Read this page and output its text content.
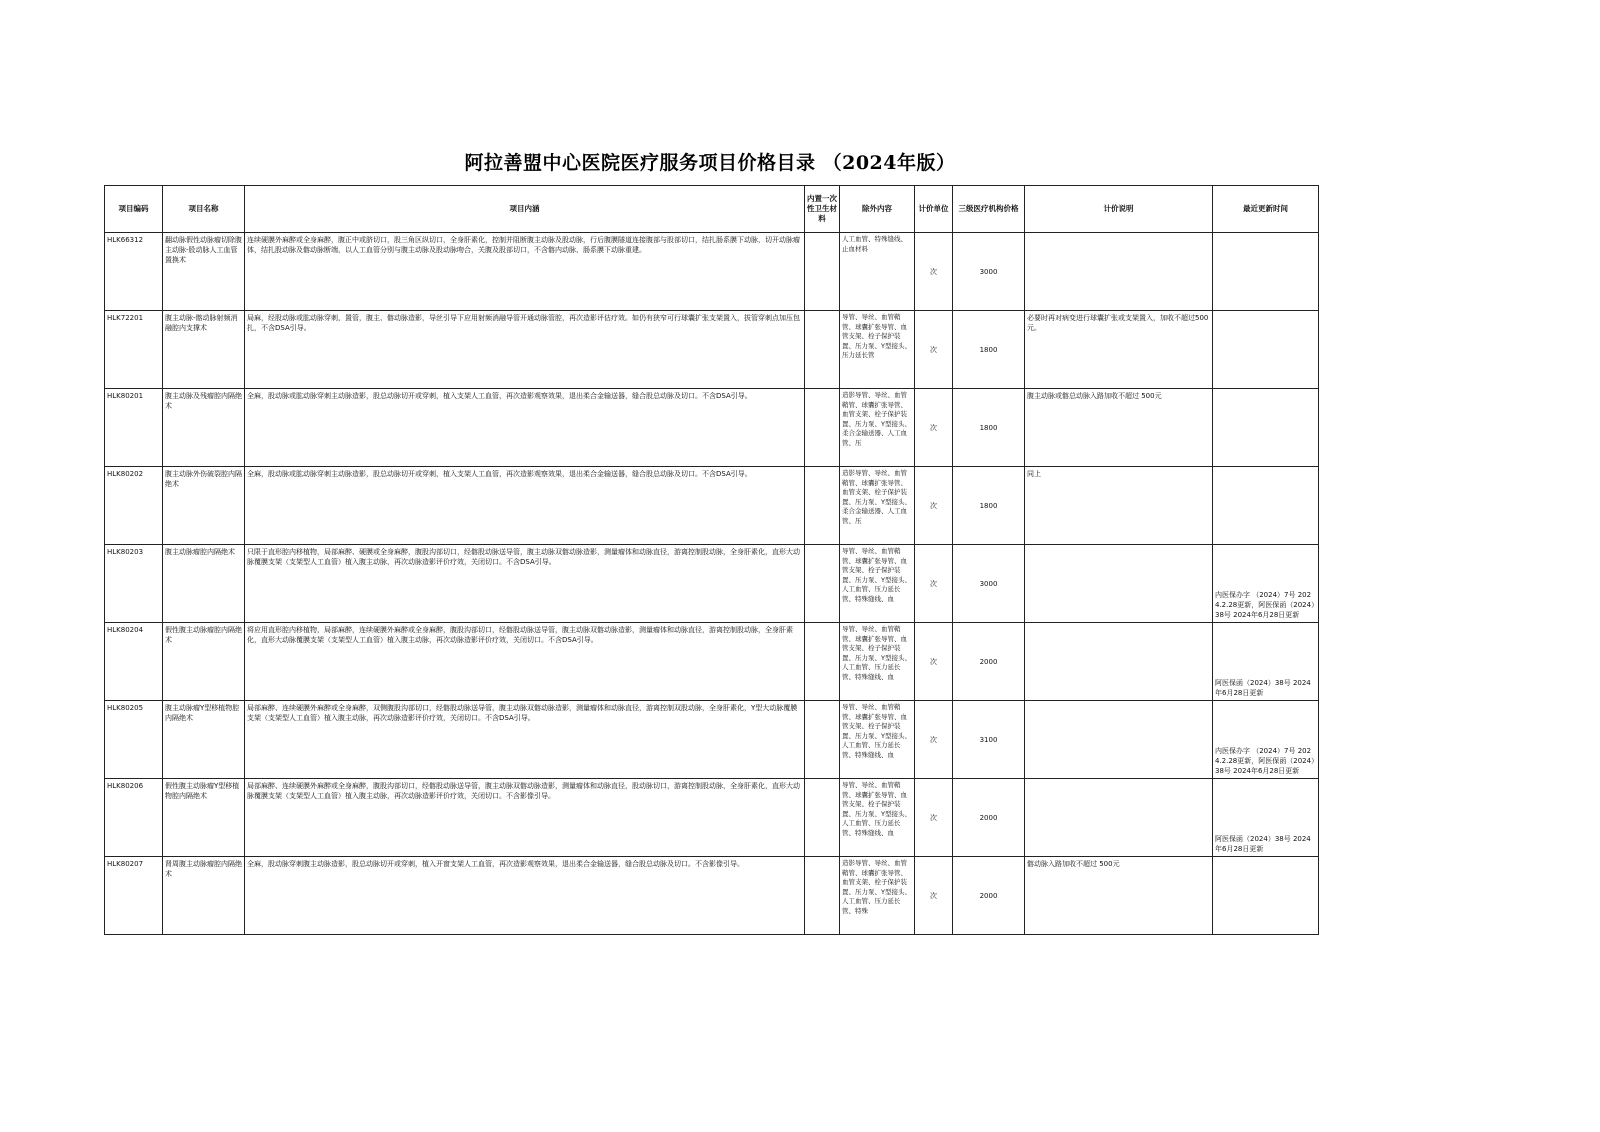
阿拉善盟中心医院医疗服务项目价格目录 （2024年版）
项目编码	项目名称	项目内涵	内置一次性卫生材料	除外内容	计价单位	三级医疗机构价格	计价说明	最近更新时间
HLK66312	翻动脉假性动脉瘤切除腹主动脉-股动脉人工血管置换术	连续硬膜外麻醉或全身麻醉，腹正中或脐切口，股三角区纵切口，全身肝素化，控制并阻断腹主动脉及股动脉，行后腹膜隧道连接腹部与股部切口，结扎肠系膜下动脉，切开动脉瘤体，结扎股动脉及髂动脉断端，以人工血管分别与腹主动脉及股动脉吻合，关腹及股部切口，不含髂内动脉、肠系膜下动脉重建。		人工血管、特殊缝线、止血材料	次	3000		
HLK72201	腹主动脉-髂动脉射频消融腔内支撑术	局麻，经股动脉或肱动脉穿刺，置管，腹主、髂动脉造影，导丝引导下应用射频消融导管开通动脉管腔，再次造影评估疗效。如仍有狭窄可行球囊扩张支架置入，拔管穿刺点加压包扎，不含DSA引导。		导管、导丝、血管鞘管、球囊扩张导管、血管支架、栓子保护装置、压力泵、Y型接头、压力延长管	次	1800	必要时再对病变进行球囊扩张或支架置入，加收不超过500元。	
HLK80201	腹主动脉及残瘤腔内隔绝术	全麻，股动脉或肱动脉穿刺主动脉造影，股总动脉切开或穿刺，植入支架人工血管，再次造影观察效果，退出柔合金输送器，缝合股总动脉及切口。不含DSA引导。		造影导管、导丝、血管鞘管、球囊扩张导管、血管支架、栓子保护装置、压力泵、Y型接头、柔合金输送器、人工血管、压	次	1800	腹主动脉或髂总动脉入路加收不超过 500元	
HLK80202	腹主动脉外伤破裂腔内隔绝术	全麻，股动脉或肱动脉穿刺主动脉造影，股总动脉切开或穿刺，植入支架人工血管，再次造影观察效果，退出柔合金输送器，缝合股总动脉及切口。不含DSA引导。		造影导管、导丝、血管鞘管、球囊扩张导管、血管支架、栓子保护装置、压力泵、Y型接头、柔合金输送器、人工血管、压	次	1800	同上	
HLK80203	腹主动脉瘤腔内隔绝术	只限于直形腔内移植物，局部麻醉、硬膜或全身麻醉，腹股沟部切口，经髂股动脉送导管，腹主动脉双髂动脉造影，测量瘤体和动脉直径，游离控制股动脉，全身肝素化，直形大动脉覆膜支架（支架型人工血管）植入腹主动脉，再次动脉造影评价疗效，关闭切口。不含DSA引导。		导管、导丝、血管鞘管、球囊扩张导管、血管支架、栓子保护装置、压力泵、Y型接头、人工血管、压力延长管、特殊缝线、血	次	3000		内医保办字 （2024）7号 2024.2.28更新，阿医保函（2024）38号 2024年6月28日更新
HLK80204	假性腹主动脉瘤腔内隔绝术	将应用直形腔内移植物，局部麻醉，连续硬膜外麻醉或全身麻醉，腹股沟部切口，经髂股动脉送导管，腹主动脉双髂动脉造影，测量瘤体和动脉直径，游离控制股动脉，全身肝素化，直形大动脉覆膜支架（支架型人工血管）植入腹主动脉，再次动脉造影评价疗效，关闭切口。不含DSA引导。		导管、导丝、血管鞘管、球囊扩张导管、血管支架、栓子保护装置、压力泵、Y型接头、人工血管、压力延长管、特殊缝线、血	次	2000		阿医保函（2024）38号 2024年6月28日更新
HLK80205	腹主动脉瘤Y型移植物腔内隔绝术	局部麻醉、连续硬膜外麻醉或全身麻醉，双侧腹股沟部切口，经髂股动脉送导管，腹主动脉双髂动脉造影，测量瘤体和动脉直径，游离控制双股动脉，全身肝素化，Y型大动脉覆膜支架（支架型人工血管）植入腹主动脉，再次动脉造影评价疗效，关闭切口。不含DSA引导。		导管、导丝、血管鞘管、球囊扩张导管、血管支架、栓子保护装置、压力泵、Y型接头、人工血管、压力延长管、特殊缝线、血	次	3100		内医保办字 （2024）7号 2024.2.28更新，阿医保函（2024）38号 2024年6月28日更新
HLK80206	假性腹主动脉瘤Y型移植物腔内隔绝术	局部麻醉、连续硬膜外麻醉或全身麻醉，腹股沟部切口，经髂股动脉送导管，腹主动脉双髂动脉造影，测量瘤体和动脉直径，股动脉切口，游离控制股动脉，全身肝素化，直形大动脉覆膜支架（支架型人工血管）植入腹主动脉，再次动脉造影评价疗效，关闭切口。不含影像引导。		导管、导丝、血管鞘管、球囊扩张导管、血管支架、栓子保护装置、压力泵、Y型接头、人工血管、压力延长管、特殊缝线、血	次	2000		阿医保函（2024）38号 2024年6月28日更新
HLK80207	肾周腹主动脉瘤腔内隔绝术	全麻，股动脉穿刺腹主动脉造影，股总动脉切开或穿刺，植入开窗支架人工血管，再次造影观察效果，退出柔合金输送器，缝合股总动脉及切口。不含影像引导。		造影导管、导丝、血管鞘管、球囊扩张导管、血管支架、栓子保护装置、压力泵、Y型接头、人工血管、压力延长管、特殊	次	2000	髂动脉入路加收不超过 500元	
